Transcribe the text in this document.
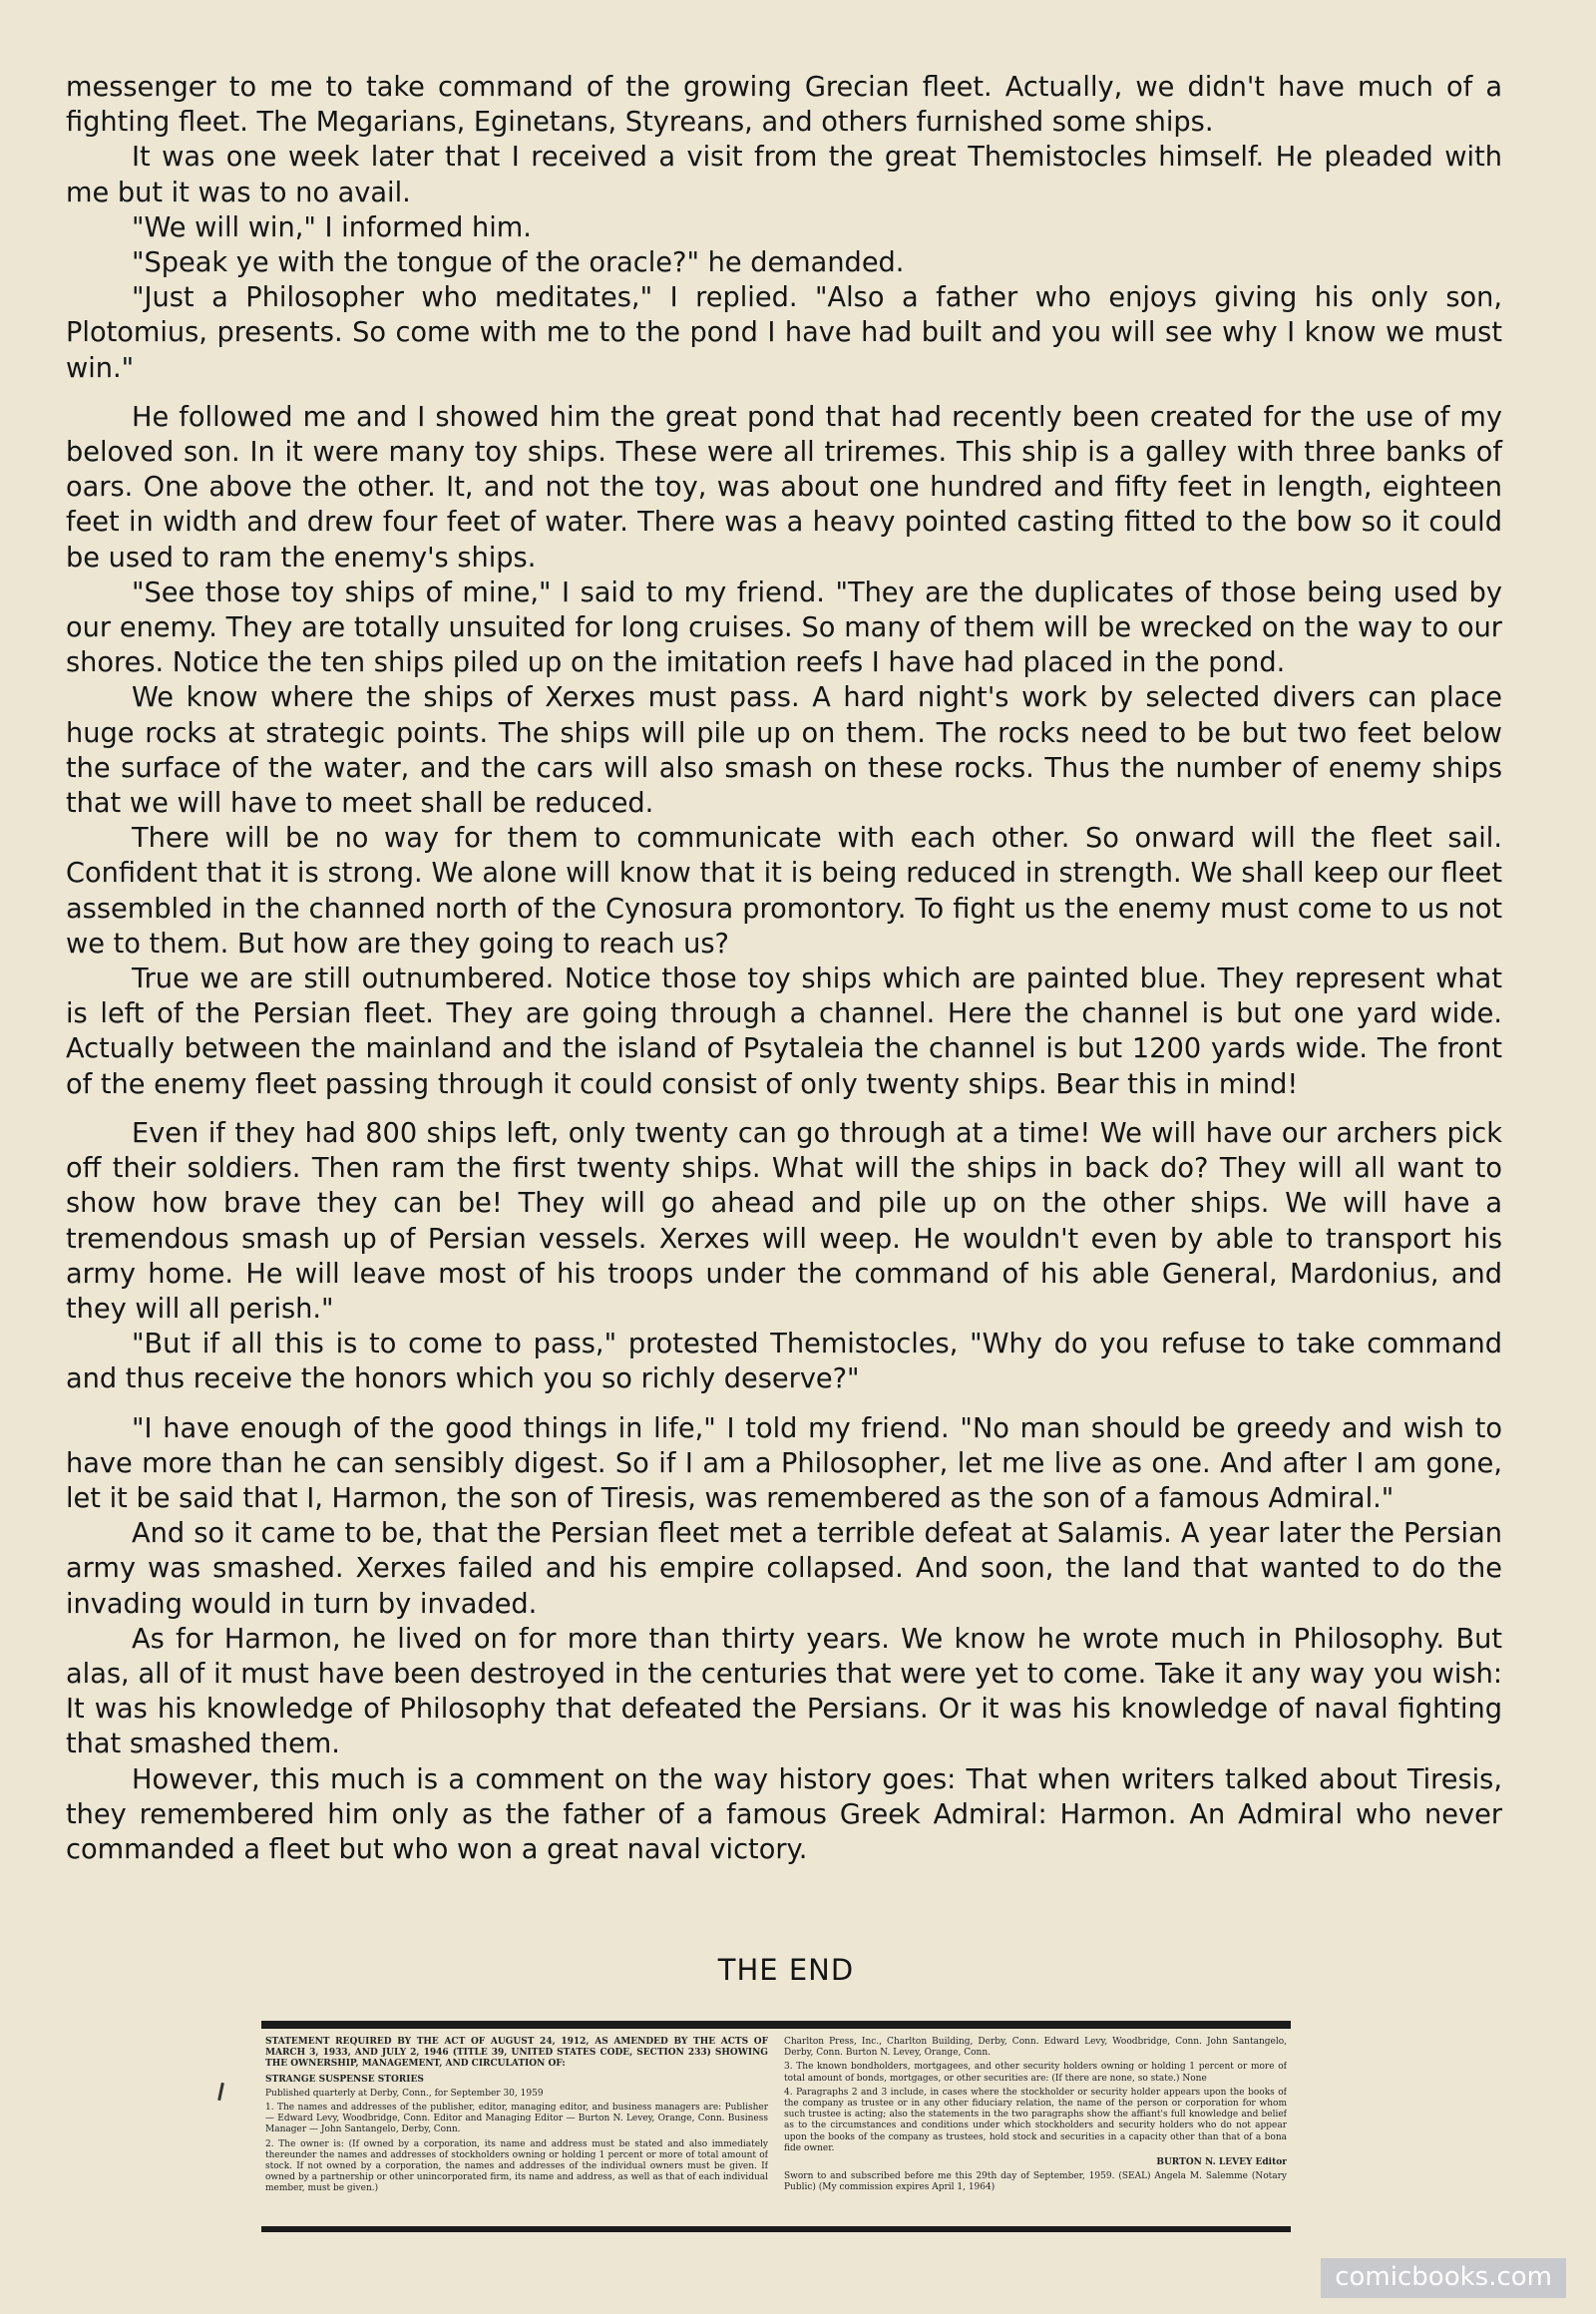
messenger to me to take command of the growing Grecian fleet. Actually, we didn't have much of a fighting fleet. The Megarians, Eginetans, Styreans, and others furnished some ships.

It was one week later that I received a visit from the great Themistocles himself. He pleaded with me but it was to no avail.

"We will win," I informed him.

"Speak ye with the tongue of the oracle?" he demanded.

"Just a Philosopher who meditates," I replied. "Also a father who enjoys giving his only son, Plotomius, presents. So come with me to the pond I have had built and you will see why I know we must win."

He followed me and I showed him the great pond that had recently been created for the use of my beloved son. In it were many toy ships. These were all triremes. This ship is a galley with three banks of oars. One above the other. It, and not the toy, was about one hundred and fifty feet in length, eighteen feet in width and drew four feet of water. There was a heavy pointed casting fitted to the bow so it could be used to ram the enemy's ships.

"See those toy ships of mine," I said to my friend. "They are the duplicates of those being used by our enemy. They are totally unsuited for long cruises. So many of them will be wrecked on the way to our shores. Notice the ten ships piled up on the imitation reefs I have had placed in the pond.

We know where the ships of Xerxes must pass. A hard night's work by selected divers can place huge rocks at strategic points. The ships will pile up on them. The rocks need to be but two feet below the surface of the water, and the cars will also smash on these rocks. Thus the number of enemy ships that we will have to meet shall be reduced.

There will be no way for them to communicate with each other. So onward will the fleet sail. Confident that it is strong. We alone will know that it is being reduced in strength. We shall keep our fleet assembled in the channed north of the Cynosura promontory. To fight us the enemy must come to us not we to them. But how are they going to reach us?

True we are still outnumbered. Notice those toy ships which are painted blue. They represent what is left of the Persian fleet. They are going through a channel. Here the channel is but one yard wide. Actually between the mainland and the island of Psytaleia the channel is but 1200 yards wide. The front of the enemy fleet passing through it could consist of only twenty ships. Bear this in mind!

Even if they had 800 ships left, only twenty can go through at a time! We will have our archers pick off their soldiers. Then ram the first twenty ships. What will the ships in back do? They will all want to show how brave they can be! They will go ahead and pile up on the other ships. We will have a tremendous smash up of Persian vessels. Xerxes will weep. He wouldn't even by able to transport his army home. He will leave most of his troops under the command of his able General, Mardonius, and they will all perish."

"But if all this is to come to pass," protested Themistocles, "Why do you refuse to take command and thus receive the honors which you so richly deserve?"

"I have enough of the good things in life," I told my friend. "No man should be greedy and wish to have more than he can sensibly digest. So if I am a Philosopher, let me live as one. And after I am gone, let it be said that I, Harmon, the son of Tiresis, was remembered as the son of a famous Admiral."

And so it came to be, that the Persian fleet met a terrible defeat at Salamis. A year later the Persian army was smashed. Xerxes failed and his empire collapsed. And soon, the land that wanted to do the invading would in turn by invaded.

As for Harmon, he lived on for more than thirty years. We know he wrote much in Philosophy. But alas, all of it must have been destroyed in the centuries that were yet to come. Take it any way you wish: It was his knowledge of Philosophy that defeated the Persians. Or it was his knowledge of naval fighting that smashed them.

However, this much is a comment on the way history goes: That when writers talked about Tiresis, they remembered him only as the father of a famous Greek Admiral: Harmon. An Admiral who never commanded a fleet but who won a great naval victory.

THE END

STATEMENT REQUIRED BY THE ACT OF AUGUST 24, 1912, AS AMENDED BY THE ACTS OF MARCH 3, 1933, AND JULY 2, 1946 (TITLE 39, UNITED STATES CODE, SECTION 233) SHOWING THE OWNERSHIP, MANAGEMENT, AND CIRCULATION OF:

STRANGE SUSPENSE STORIES

Published quarterly at Derby, Conn., for September 30, 1959

1. The names and addresses of the publisher, editor, managing editor, and business managers are: Publisher — Edward Levy, Woodbridge, Conn. Editor and Managing Editor — Burton N. Levey, Orange, Conn. Business Manager — John Santangelo, Derby, Conn.

2. The owner is: (If owned by a corporation, its name and address must be stated and also immediately thereunder the names and addresses of stockholders owning or holding 1 percent or more of total amount of stock. If not owned by a corporation, the names and addresses of the individual owners must be given. If owned by a partnership or other unincorporated firm, its name and address, as well as that of each individual member, must be given.)

Charlton Press, Inc., Charlton Building, Derby, Conn. Edward Levy, Woodbridge, Conn. John Santangelo, Derby, Conn. Burton N. Levey, Orange, Conn.

3. The known bondholders, mortgagees, and other security holders owning or holding 1 percent or more of total amount of bonds, mortgages, or other securities are: (If there are none, so state.) None

4. Paragraphs 2 and 3 include, in cases where the stockholder or security holder appears upon the books of the company as trustee or in any other fiduciary relation, the name of the person or corporation for whom such trustee is acting; also the statements in the two paragraphs show the affiant's full knowledge and belief as to the circumstances and conditions under which stockholders and security holders who do not appear upon the books of the company as trustees, hold stock and securities in a capacity other than that of a bona fide owner.

BURTON N. LEVEY Editor

Sworn to and subscribed before me this 29th day of September, 1959. (SEAL) Angela M. Salemme (Notary Public) (My commission expires April 1, 1964)

comicbooks.com
